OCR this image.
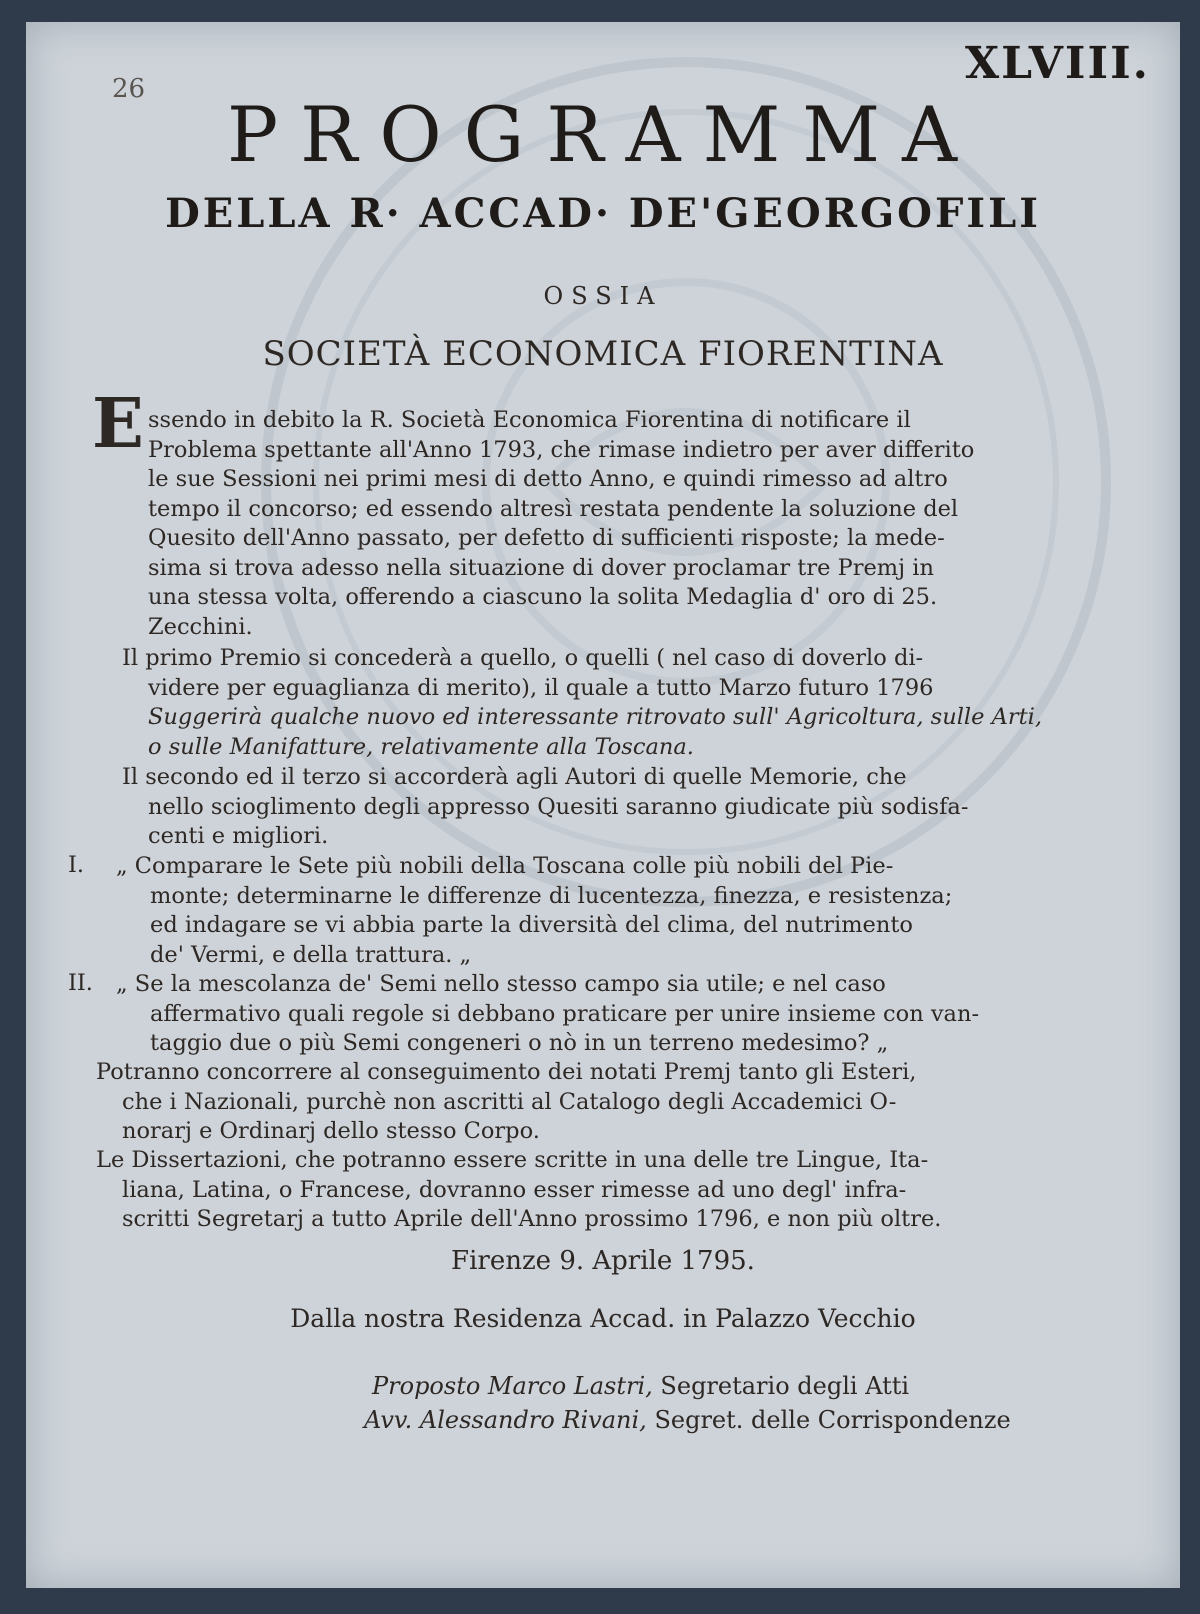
26	XLVIII.
PROGRAMMA
DELLA R· ACCAD· DE'GEORGOFILI
OSSIA
SOCIETÀ ECONOMICA FIORENTINA
E ssendo in debito la R. Società Economica Fiorentina di notificare il
Problema spettante all'Anno 1793, che rimase indietro per aver differito
le sue Sessioni nei primi mesi di detto Anno, e quindi rimesso ad altro
tempo il concorso; ed essendo altresì restata pendente la soluzione del
Quesito dell'Anno passato, per defetto di sufficienti risposte; la mede-
sima si trova adesso nella situazione di dover proclamar tre Premj in
una stessa volta, offerendo a ciascuno la solita Medaglia d' oro di 25.
Zecchini.
Il primo Premio si concederà a quello, o quelli ( nel caso di doverlo di-
videre per eguaglianza di merito), il quale a tutto Marzo futuro 1796
Suggerirà qualche nuovo ed interessante ritrovato sull' Agricoltura, sulle Arti,
o sulle Manifatture, relativamente alla Toscana.
Il secondo ed il terzo si accorderà agli Autori di quelle Memorie, che
nello scioglimento degli appresso Quesiti saranno giudicate più sodisfa-
centi e migliori.
I. „ Comparare le Sete più nobili della Toscana colle più nobili del Pie-
monte; determinarne le differenze di lucentezza, finezza, e resistenza;
ed indagare se vi abbia parte la diversità del clima, del nutrimento
de' Vermi, e della trattura. „
II. „ Se la mescolanza de' Semi nello stesso campo sia utile; e nel caso
affermativo quali regole si debbano praticare per unire insieme con van-
taggio due o più Semi congeneri o nò in un terreno medesimo? „
Potranno concorrere al conseguimento dei notati Premj tanto gli Esteri,
che i Nazionali, purchè non ascritti al Catalogo degli Accademici O-
norarj e Ordinarj dello stesso Corpo.
Le Dissertazioni, che potranno essere scritte in una delle tre Lingue, Ita-
liana, Latina, o Francese, dovranno esser rimesse ad uno degl' infra-
scritti Segretarj a tutto Aprile dell'Anno prossimo 1796, e non più oltre.
Firenze 9. Aprile 1795.
Dalla nostra Residenza Accad. in Palazzo Vecchio
Proposto Marco Lastri, Segretario degli Atti
Avv. Alessandro Rivani, Segret. delle Corrispondenze
